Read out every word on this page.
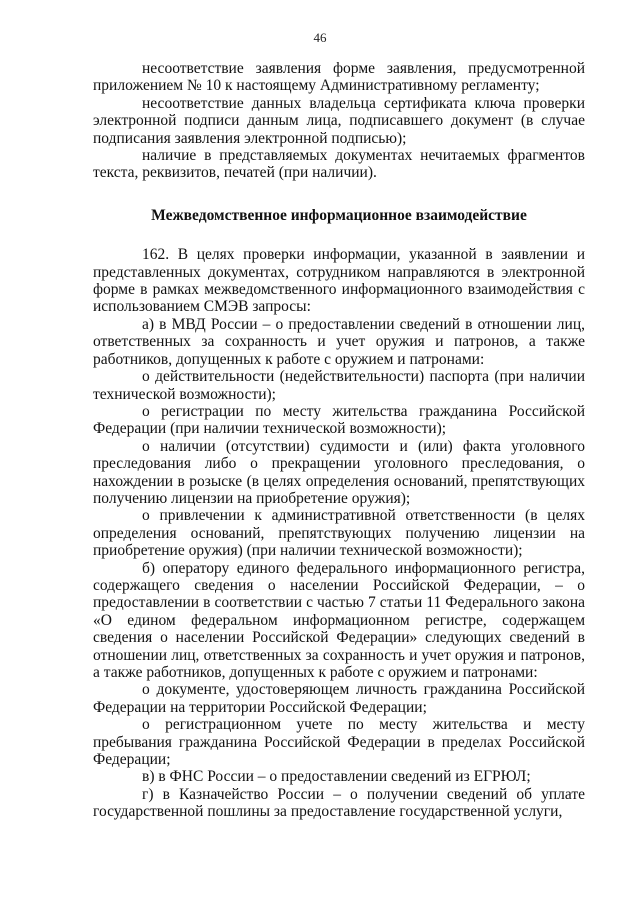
46

несоответствие заявления форме заявления, предусмотренной приложением № 10 к настоящему Административному регламенту;

несоответствие данных владельца сертификата ключа проверки электронной подписи данным лица, подписавшего документ (в случае подписания заявления электронной подписью);

наличие в представляемых документах нечитаемых фрагментов текста, реквизитов, печатей (при наличии).

Межведомственное информационное взаимодействие

162. В целях проверки информации, указанной в заявлении и представленных документах, сотрудником направляются в электронной форме в рамках межведомственного информационного взаимодействия с использованием СМЭВ запросы:

а) в МВД России – о предоставлении сведений в отношении лиц, ответственных за сохранность и учет оружия и патронов, а также работников, допущенных к работе с оружием и патронами:

о действительности (недействительности) паспорта (при наличии технической возможности);

о регистрации по месту жительства гражданина Российской Федерации (при наличии технической возможности);

о наличии (отсутствии) судимости и (или) факта уголовного преследования либо о прекращении уголовного преследования, о нахождении в розыске (в целях определения оснований, препятствующих получению лицензии на приобретение оружия);

о привлечении к административной ответственности (в целях определения оснований, препятствующих получению лицензии на приобретение оружия) (при наличии технической возможности);

б) оператору единого федерального информационного регистра, содержащего сведения о населении Российской Федерации, – о предоставлении в соответствии с частью 7 статьи 11 Федерального закона «О едином федеральном информационном регистре, содержащем сведения о населении Российской Федерации» следующих сведений в отношении лиц, ответственных за сохранность и учет оружия и патронов, а также работников, допущенных к работе с оружием и патронами:

о документе, удостоверяющем личность гражданина Российской Федерации на территории Российской Федерации;

о регистрационном учете по месту жительства и месту пребывания гражданина Российской Федерации в пределах Российской Федерации;

в) в ФНС России – о предоставлении сведений из ЕГРЮЛ;

г) в Казначейство России – о получении сведений об уплате государственной пошлины за предоставление государственной услуги,
